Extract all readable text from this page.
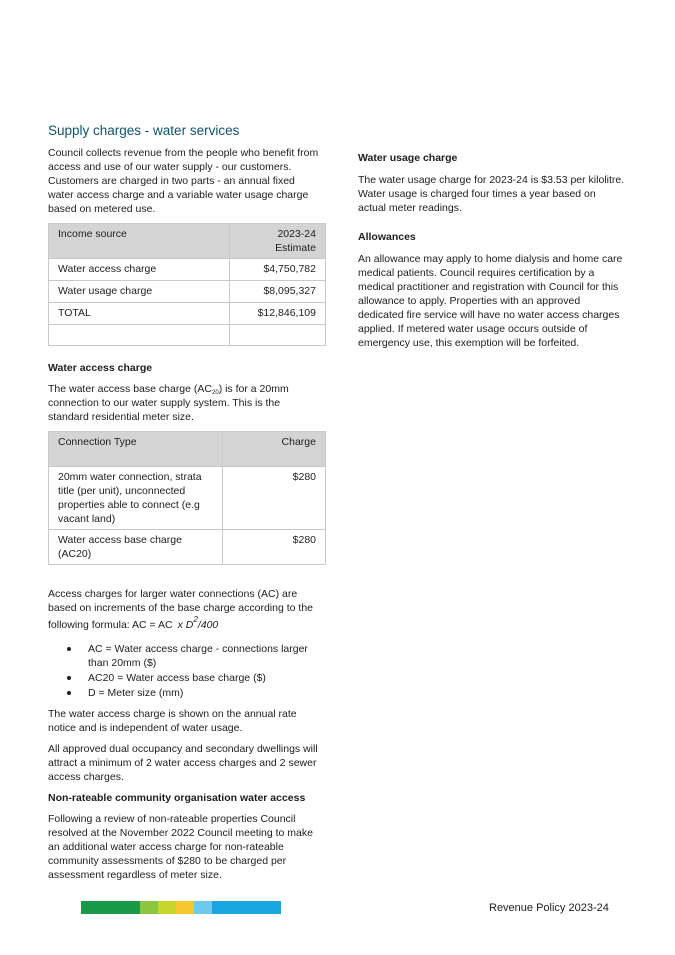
Supply charges - water services

Council collects revenue from the people who benefit from access and use of our water supply - our customers. Customers are charged in two parts - an annual fixed water access charge and a variable water usage charge based on metered use.

Income source	2023-24 Estimate
Water access charge	$4,750,782
Water usage charge	$8,095,327
TOTAL	$12,846,109

Water access charge

The water access base charge $(AC_{20})$ is for a 20mm connection to our water supply system. This is the standard residential meter size.

Connection Type	Charge
20mm water connection, strata title (per unit), unconnected properties able to connect (e.g vacant land)	$280
Water access base charge (AC20)	$280

Access charges for larger water connections (AC) are based on increments of the base charge according to the

following formula: AC = AC x $D^2/400$

AC = Water access charge - connections larger than 20mm ($)
AC20 = Water access base charge ($)
D = Meter size (mm)

The water access charge is shown on the annual rate notice and is independent of water usage.

All approved dual occupancy and secondary dwellings will attract a minimum of 2 water access charges and 2 sewer access charges.

Non-rateable community organisation water access

Following a review of non-rateable properties Council resolved at the November 2022 Council meeting to make an additional water access charge for non-rateable community assessments of $280 to be charged per assessment regardless of meter size.

Water usage charge

The water usage charge for 2023-24 is $3.53 per kilolitre. Water usage is charged four times a year based on actual meter readings.

Allowances

An allowance may apply to home dialysis and home care medical patients. Council requires certification by a medical practitioner and registration with Council for this allowance to apply. Properties with an approved dedicated fire service will have no water access charges applied. If metered water usage occurs outside of emergency use, this exemption will be forfeited.

Revenue Policy 2023-24
